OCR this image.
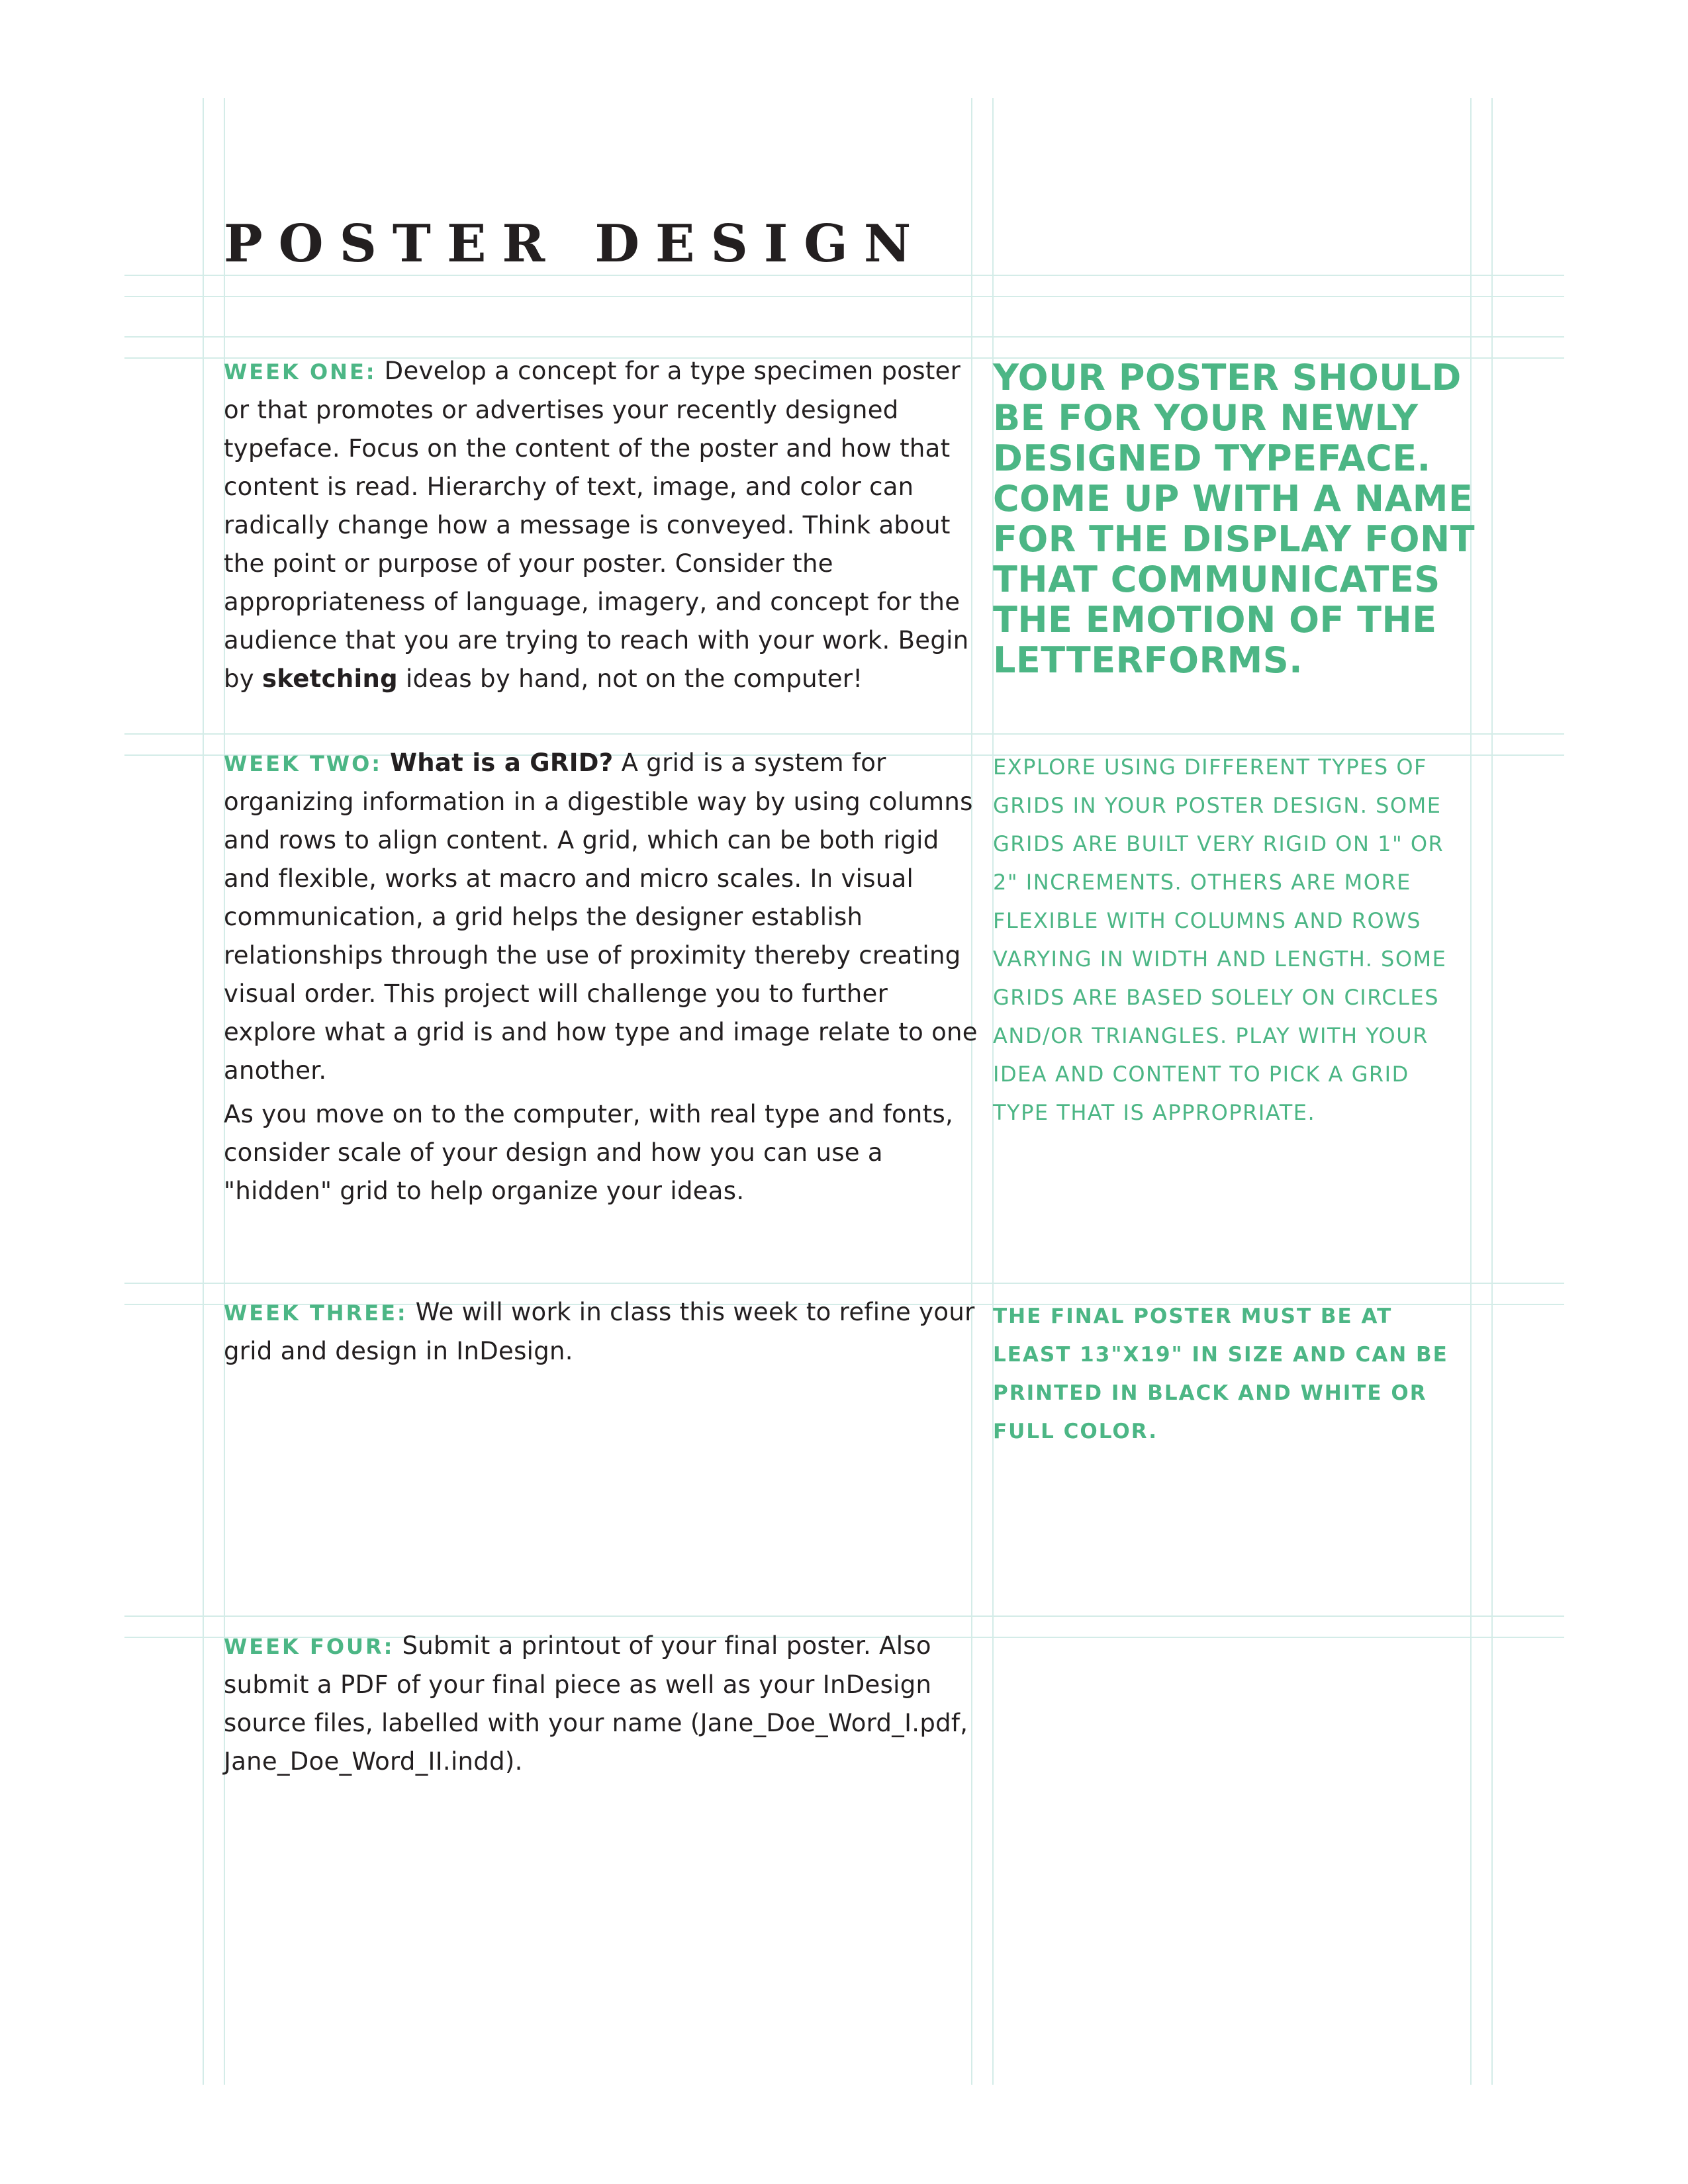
POSTER DESIGN

WEEK ONE: Develop a concept for a type specimen poster or that promotes or advertises your recently designed typeface. Focus on the content of the poster and how that content is read. Hierarchy of text, image, and color can radically change how a message is conveyed. Think about the point or purpose of your poster. Consider the appropriateness of language, imagery, and concept for the audience that you are trying to reach with your work. Begin by sketching ideas by hand, not on the computer!

WEEK TWO: What is a GRID? A grid is a system for organizing information in a digestible way by using columns and rows to align content. A grid, which can be both rigid and flexible, works at macro and micro scales. In visual communication, a grid helps the designer establish relationships through the use of proximity thereby creating visual order. This project will challenge you to further explore what a grid is and how type and image relate to one another.

As you move on to the computer, with real type and fonts, consider scale of your design and how you can use a "hidden" grid to help organize your ideas.

WEEK THREE: We will work in class this week to refine your grid and design in InDesign.

WEEK FOUR: Submit a printout of your final poster. Also submit a PDF of your final piece as well as your InDesign source files, labelled with your name (Jane_Doe_Word_I.pdf, Jane_Doe_Word_II.indd).

YOUR POSTER SHOULD BE FOR YOUR NEWLY DESIGNED TYPEFACE. COME UP WITH A NAME FOR THE DISPLAY FONT THAT COMMUNICATES THE EMOTION OF THE LETTERFORMS.

EXPLORE USING DIFFERENT TYPES OF GRIDS IN YOUR POSTER DESIGN. SOME GRIDS ARE BUILT VERY RIGID ON 1" OR 2" INCREMENTS. OTHERS ARE MORE FLEXIBLE WITH COLUMNS AND ROWS VARYING IN WIDTH AND LENGTH. SOME GRIDS ARE BASED SOLELY ON CIRCLES AND/OR TRIANGLES. PLAY WITH YOUR IDEA AND CONTENT TO PICK A GRID TYPE THAT IS APPROPRIATE.

THE FINAL POSTER MUST BE AT LEAST 13"X19" IN SIZE AND CAN BE PRINTED IN BLACK AND WHITE OR FULL COLOR.
